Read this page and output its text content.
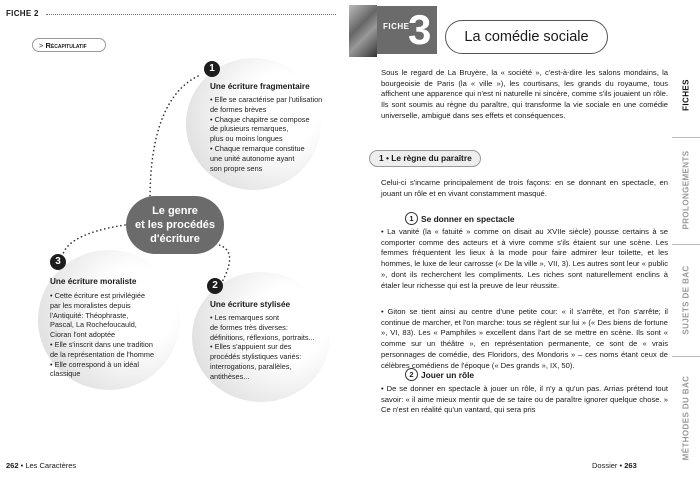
FICHE 2
> Récapitulatif
1
Une écriture fragmentaire
• Elle se caractérise par l'utilisation
de formes brèves
• Chaque chapitre se compose
de plusieurs remarques,
plus ou moins longues
• Chaque remarque constitue
une unité autonome ayant
son propre sens
Le genre
et les procédés
d'écriture
2
Une écriture stylisée
• Les remarques sont
de formes très diverses:
définitions, réflexions, portraits...
• Elles s'appuient sur des
procédés stylistiques variés:
interrogations, parallèles,
antithèses...
3
Une écriture moraliste
• Cette écriture est privilégiée
par les moralistes depuis
l'Antiquité: Théophraste,
Pascal, La Rochefoucauld,
Cioran l'ont adoptée
• Elle s'inscrit dans une tradition
de la représentation de l'homme
• Elle correspond à un idéal
classique
262 • Les Caractères
FICHE
3	La comédie sociale
Sous le regard de La Bruyère, la « société », c'est-à-dire les salons mondains, la bourgeoisie de Paris (la « ville »), les courtisans, les grands du royaume, tous affichent une apparence qui n'est ni naturelle ni sincère, comme s'ils jouaient un rôle. Ils sont soumis au règne du paraître, qui transforme la vie sociale en une comédie universelle, ambiguë dans ses effets et conséquences.
1 • Le règne du paraître
Celui-ci s'incarne principalement de trois façons: en se donnant en spectacle, en jouant un rôle et en vivant constamment masqué.
1 Se donner en spectacle
• La vanité (la « fatuité » comme on disait au XVIIe siècle) pousse certains à se comporter comme des acteurs et à vivre comme s'ils étaient sur une scène. Les femmes fréquentent les lieux à la mode pour faire admirer leur toilette, et les hommes, le luxe de leur carrosse (« De la ville », VII, 3). Les autres sont leur « public », dont ils recherchent les compliments. Les riches sont naturellement enclins à étaler leur richesse qui est la preuve de leur réussite.
• Giton se tient ainsi au centre d'une petite cour: « il s'arrête, et l'on s'arrête; il continue de marcher, et l'on marche: tous se règlent sur lui » (« Des biens de fortune », VI, 83). Les « Pamphiles » excellent dans l'art de se mettre en scène. Ils sont « comme sur un théâtre », en représentation permanente, ce sont de « vrais personnages de comédie, des Floridors, des Mondoris » – ces noms étant ceux de célèbres comédiens de l'époque (« Des grands », IX, 50).
2 Jouer un rôle
• De se donner en spectacle à jouer un rôle, il n'y a qu'un pas. Arrias prétend tout savoir: « il aime mieux mentir que de se taire ou de paraître ignorer quelque chose. » Ce n'est en réalité qu'un vantard, qui sera pris
Dossier • 263
FICHES
PROLONGEMENTS
SUJETS DE BAC
MÉTHODES DU BAC
